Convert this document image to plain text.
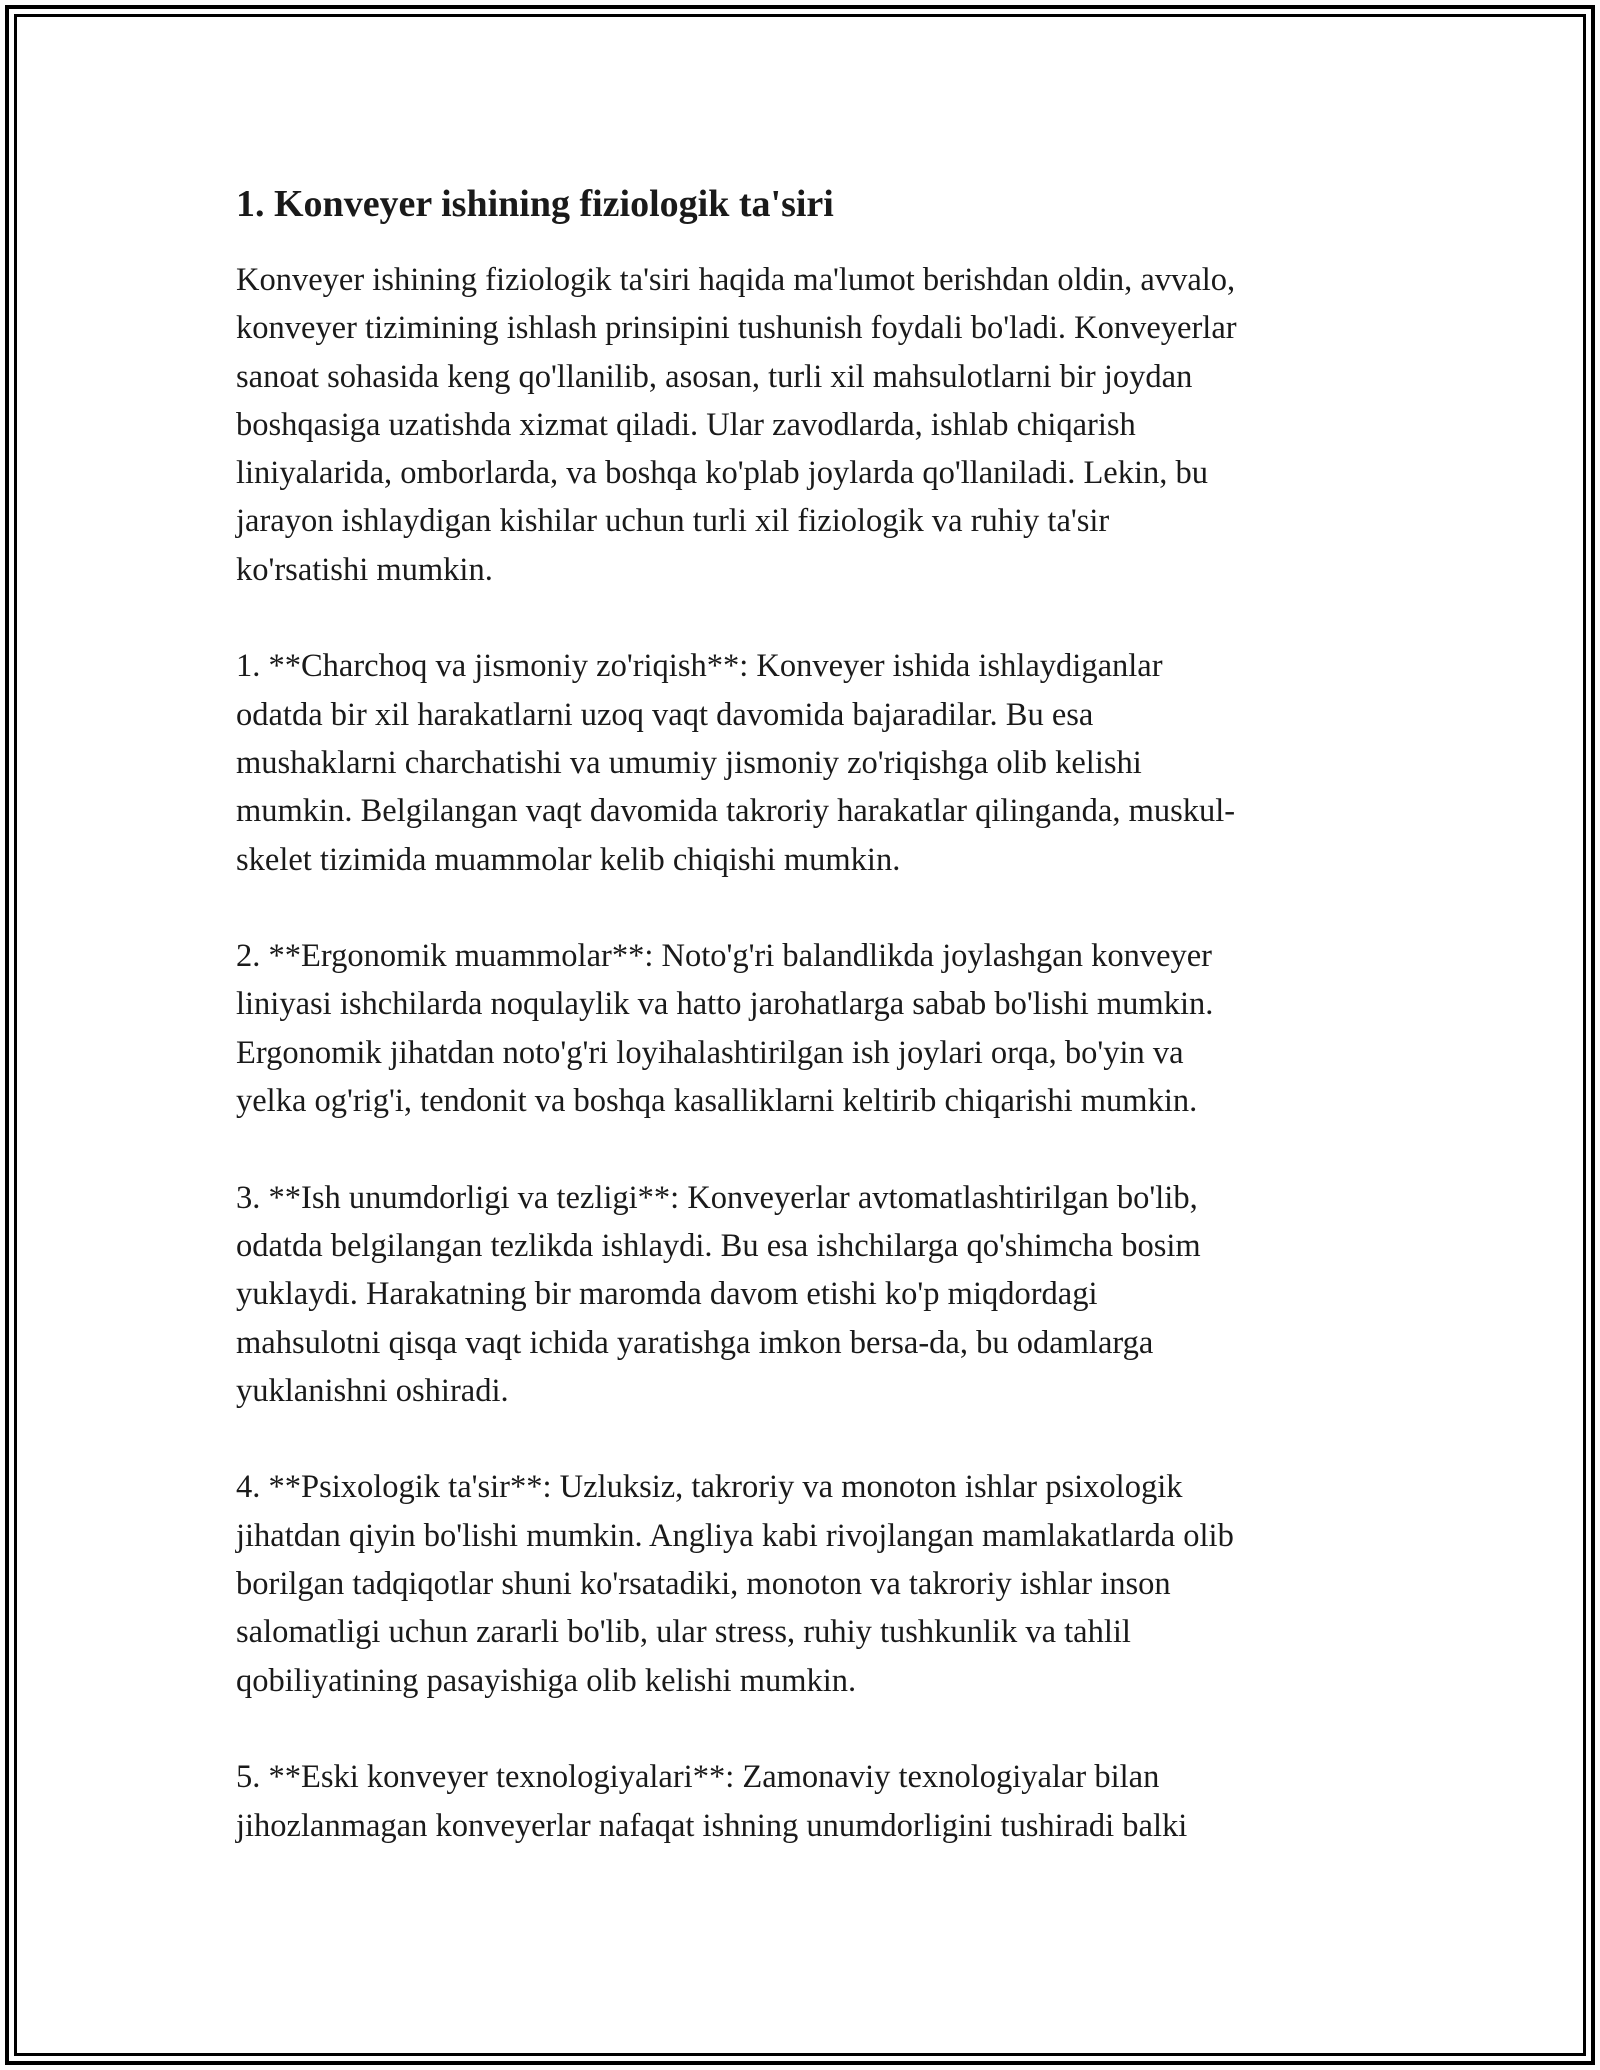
1. Konveyer ishining fiziologik ta'siri
Konveyer ishining fiziologik ta'siri haqida ma'lumot berishdan oldin, avvalo,
konveyer tizimining ishlash prinsipini tushunish foydali bo'ladi. Konveyerlar
sanoat sohasida keng qo'llanilib, asosan, turli xil mahsulotlarni bir joydan
boshqasiga uzatishda xizmat qiladi. Ular zavodlarda, ishlab chiqarish
liniyalarida, omborlarda, va boshqa ko'plab joylarda qo'llaniladi. Lekin, bu
jarayon ishlaydigan kishilar uchun turli xil fiziologik va ruhiy ta'sir
ko'rsatishi mumkin.
1. **Charchoq va jismoniy zo'riqish**: Konveyer ishida ishlaydiganlar
odatda bir xil harakatlarni uzoq vaqt davomida bajaradilar. Bu esa
mushaklarni charchatishi va umumiy jismoniy zo'riqishga olib kelishi
mumkin. Belgilangan vaqt davomida takroriy harakatlar qilinganda, muskul-
skelet tizimida muammolar kelib chiqishi mumkin.
2. **Ergonomik muammolar**: Noto'g'ri balandlikda joylashgan konveyer
liniyasi ishchilarda noqulaylik va hatto jarohatlarga sabab bo'lishi mumkin.
Ergonomik jihatdan noto'g'ri loyihalashtirilgan ish joylari orqa, bo'yin va
yelka og'rig'i, tendonit va boshqa kasalliklarni keltirib chiqarishi mumkin.
3. **Ish unumdorligi va tezligi**: Konveyerlar avtomatlashtirilgan bo'lib,
odatda belgilangan tezlikda ishlaydi. Bu esa ishchilarga qo'shimcha bosim
yuklaydi. Harakatning bir maromda davom etishi ko'p miqdordagi
mahsulotni qisqa vaqt ichida yaratishga imkon bersa-da, bu odamlarga
yuklanishni oshiradi.
4. **Psixologik ta'sir**: Uzluksiz, takroriy va monoton ishlar psixologik
jihatdan qiyin bo'lishi mumkin. Angliya kabi rivojlangan mamlakatlarda olib
borilgan tadqiqotlar shuni ko'rsatadiki, monoton va takroriy ishlar inson
salomatligi uchun zararli bo'lib, ular stress, ruhiy tushkunlik va tahlil
qobiliyatining pasayishiga olib kelishi mumkin.
5. **Eski konveyer texnologiyalari**: Zamonaviy texnologiyalar bilan
jihozlanmagan konveyerlar nafaqat ishning unumdorligini tushiradi balki
